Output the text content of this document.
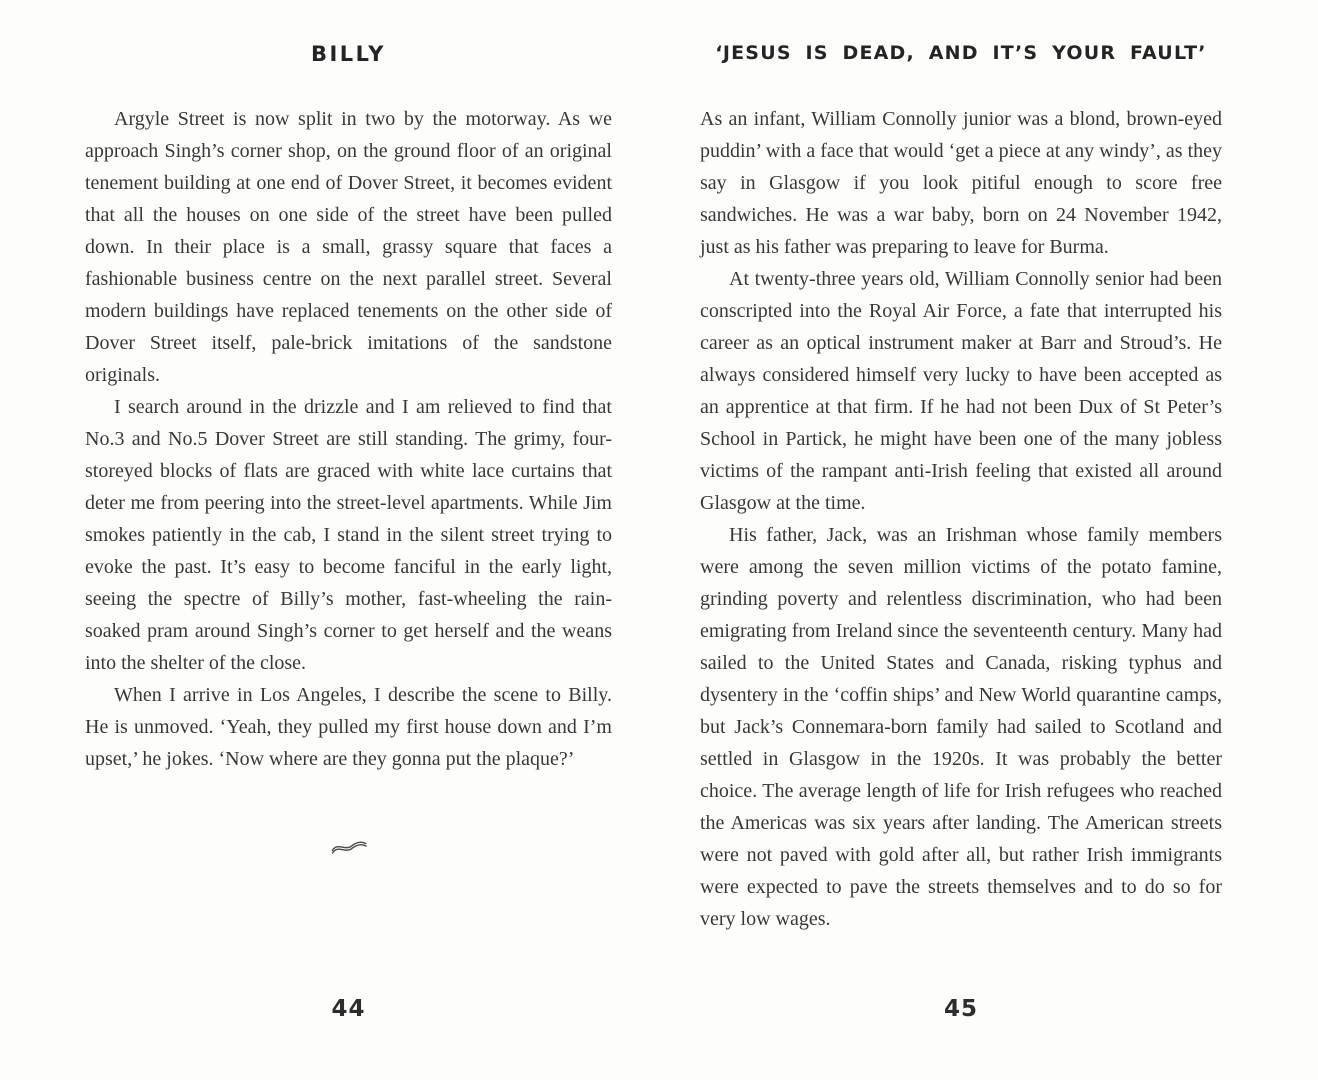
BILLY

Argyle Street is now split in two by the motorway. As we approach Singh’s corner shop, on the ground floor of an original tenement building at one end of Dover Street, it becomes evident that all the houses on one side of the street have been pulled down. In their place is a small, grassy square that faces a fashionable business centre on the next parallel street. Several modern buildings have replaced tenements on the other side of Dover Street itself, pale-brick imitations of the sandstone originals.

I search around in the drizzle and I am relieved to find that No.3 and No.5 Dover Street are still standing. The grimy, four-storeyed blocks of flats are graced with white lace curtains that deter me from peering into the street-level apartments. While Jim smokes patiently in the cab, I stand in the silent street trying to evoke the past. It’s easy to become fanciful in the early light, seeing the spectre of Billy’s mother, fast-wheeling the rain-soaked pram around Singh’s corner to get herself and the weans into the shelter of the close.

When I arrive in Los Angeles, I describe the scene to Billy. He is unmoved. ‘Yeah, they pulled my first house down and I’m upset,’ he jokes. ‘Now where are they gonna put the plaque?’

44
‘JESUS IS DEAD, AND IT’S YOUR FAULT’

As an infant, William Connolly junior was a blond, brown-eyed puddin’ with a face that would ‘get a piece at any windy’, as they say in Glasgow if you look pitiful enough to score free sandwiches. He was a war baby, born on 24 November 1942, just as his father was preparing to leave for Burma.

At twenty-three years old, William Connolly senior had been conscripted into the Royal Air Force, a fate that interrupted his career as an optical instrument maker at Barr and Stroud’s. He always considered himself very lucky to have been accepted as an apprentice at that firm. If he had not been Dux of St Peter’s School in Partick, he might have been one of the many jobless victims of the rampant anti-Irish feeling that existed all around Glasgow at the time.

His father, Jack, was an Irishman whose family members were among the seven million victims of the potato famine, grinding poverty and relentless discrimination, who had been emigrating from Ireland since the seventeenth century. Many had sailed to the United States and Canada, risking typhus and dysentery in the ‘coffin ships’ and New World quarantine camps, but Jack’s Connemara-born family had sailed to Scotland and settled in Glasgow in the 1920s. It was probably the better choice. The average length of life for Irish refugees who reached the Americas was six years after landing. The American streets were not paved with gold after all, but rather Irish immigrants were expected to pave the streets themselves and to do so for very low wages.

45
